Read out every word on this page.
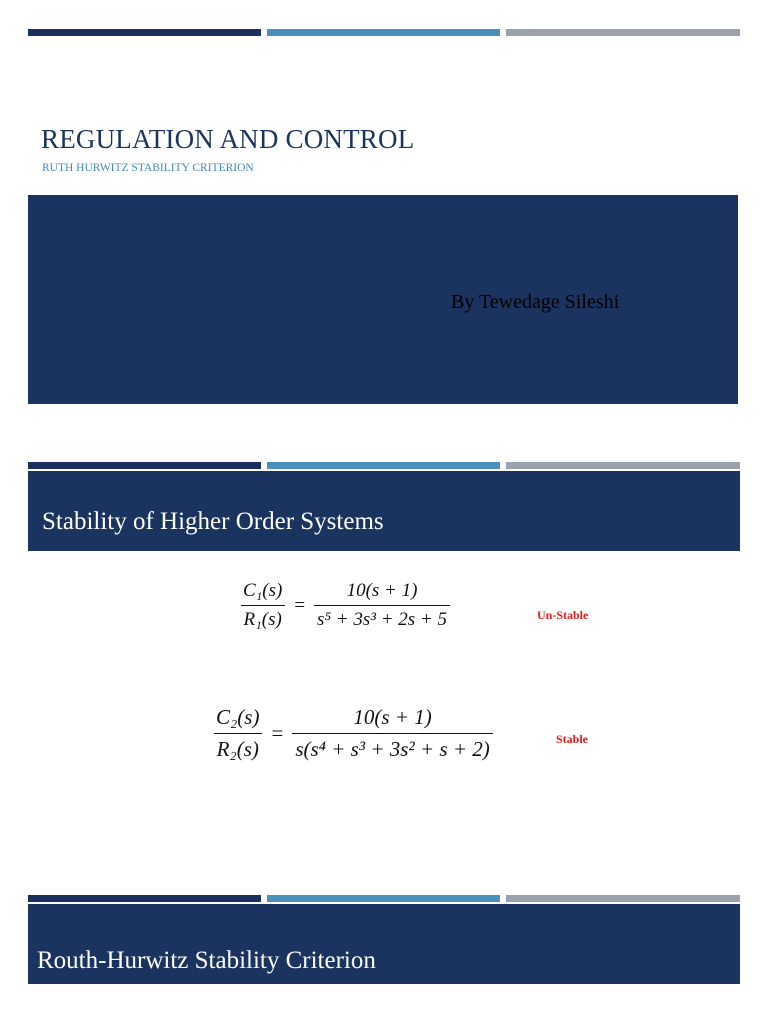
REGULATION AND CONTROL
RUTH HURWITZ STABILITY CRITERION
By Tewedage Sileshi
Stability of Higher Order Systems
$\frac{\text{C₁(s)}}{\text{R₁(s)}} = \frac{10(s + 1)}{\text{s⁵ + 3s³ + 2s + 5}}$	Un-Stable
$\frac{\text{C₂(s)}}{\text{R₂(s)}} = \frac{10(s + 1)}{\text{s(s⁴ + s³ + 3s² + s + 2)}}$	Stable
Routh-Hurwitz Stability Criterion
